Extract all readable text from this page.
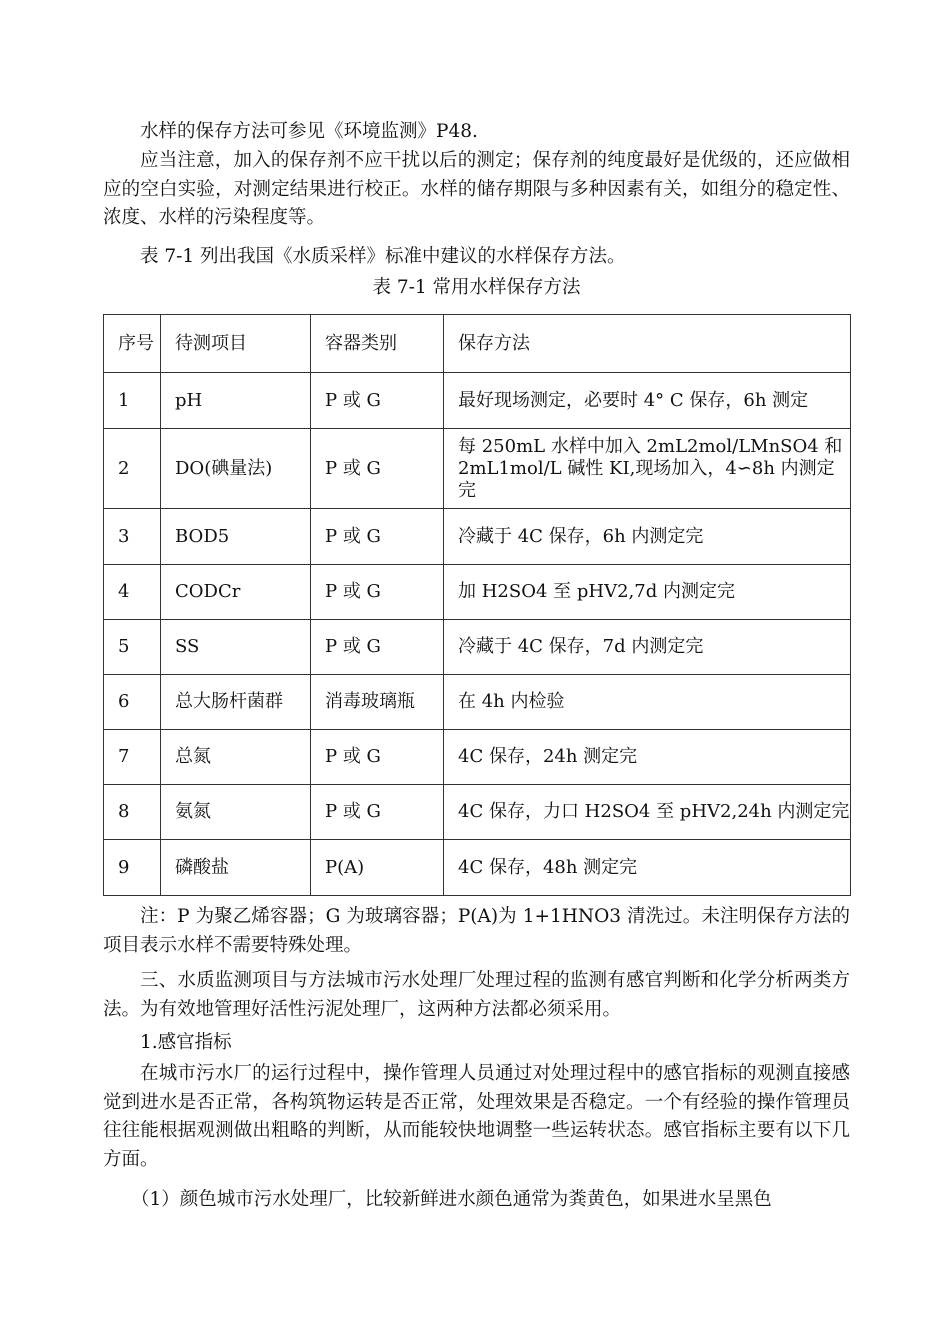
水样的保存方法可参见《环境监测》P48.

应当注意，加入的保存剂不应干扰以后的测定；保存剂的纯度最好是优级的，还应做相应的空白实验，对测定结果进行校正。水样的储存期限与多种因素有关，如组分的稳定性、浓度、水样的污染程度等。

表 7-1 列出我国《水质采样》标准中建议的水样保存方法。

表 7-1 常用水样保存方法
序号	待测项目	容器类别	保存方法
1	pH	P 或 G	最好现场测定，必要时 4° C 保存，6h 测定
2	DO(碘量法)	P 或 G	每 250mL 水样中加入 2mL2mol/LMnSO4 和 2mL1mol/L 碱性 KI,现场加入，4∽8h 内测定完
3	BOD5	P 或 G	冷藏于 4C 保存，6h 内测定完
4	CODCr	P 或 G	加 H2SO4 至 pHV2,7d 内测定完
5	SS	P 或 G	冷藏于 4C 保存，7d 内测定完
6	总大肠杆菌群	消毒玻璃瓶	在 4h 内检验
7	总氮	P 或 G	4C 保存，24h 测定完
8	氨氮	P 或 G	4C 保存，力口 H2SO4 至 pHV2,24h 内测定完

9	磷酸盐	P(A)	4C 保存，48h 测定完

注：P 为聚乙烯容器；G 为玻璃容器；P(A)为 1+1HNO3 清洗过。未注明保存方法的项目表示水样不需要特殊处理。

三、水质监测项目与方法城市污水处理厂处理过程的监测有感官判断和化学分析两类方法。为有效地管理好活性污泥处理厂，这两种方法都必须采用。

1.感官指标

在城市污水厂的运行过程中，操作管理人员通过对处理过程中的感官指标的观测直接感觉到进水是否正常，各构筑物运转是否正常，处理效果是否稳定。一个有经验的操作管理员往往能根据观测做出粗略的判断，从而能较快地调整一些运转状态。感官指标主要有以下几方面。

（1）颜色城市污水处理厂，比较新鲜进水颜色通常为粪黄色，如果进水呈黑色
